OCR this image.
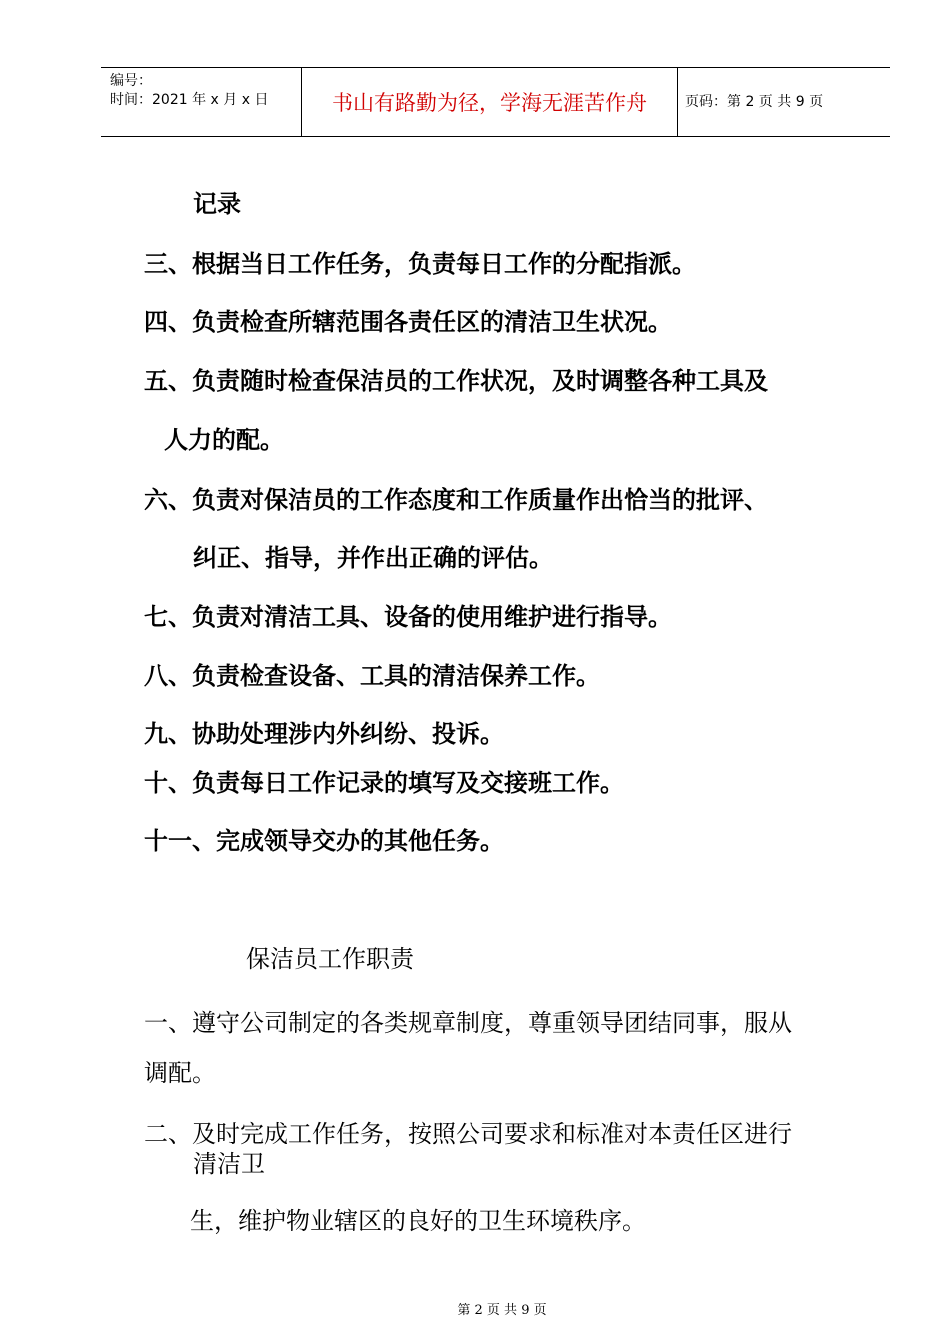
编号：
时间：2021 年 x 月 x 日	书山有路勤为径，学海无涯苦作舟	页码：第 2 页 共 9 页
记录
三、根据当日工作任务，负责每日工作的分配指派。
四、负责检查所辖范围各责任区的清洁卫生状况。
五、负责随时检查保洁员的工作状况，及时调整各种工具及
人力的配。
六、负责对保洁员的工作态度和工作质量作出恰当的批评、
纠正、指导，并作出正确的评估。
七、负责对清洁工具、设备的使用维护进行指导。
八、负责检查设备、工具的清洁保养工作。
九、协助处理涉内外纠纷、投诉。
十、负责每日工作记录的填写及交接班工作。
十一、完成领导交办的其他任务。
保洁员工作职责
一、遵守公司制定的各类规章制度，尊重领导团结同事，服从
调配。
二、及时完成工作任务，按照公司要求和标准对本责任区进行
清洁卫
生，维护物业辖区的良好的卫生环境秩序。
第 2 页 共 9 页
